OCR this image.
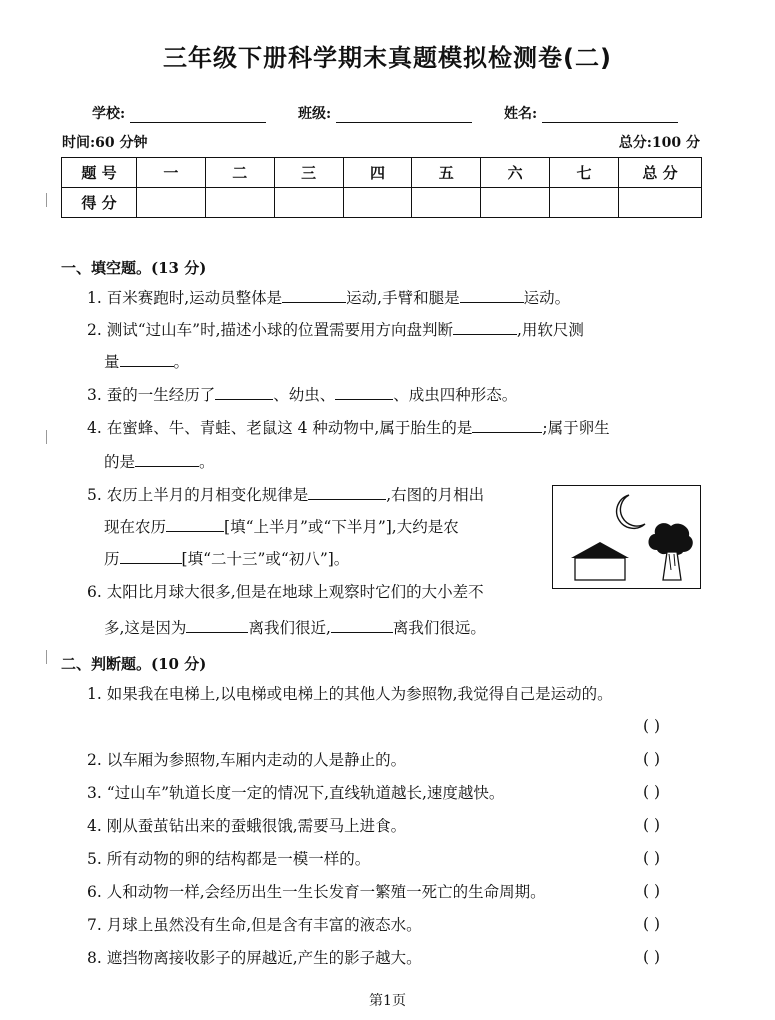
三年级下册科学期末真题模拟检测卷(二)
学校:	班级:	姓名:
时间:60 分钟	总分:100 分
题 号	一	二	三	四	五	六	七	总 分
得 分								
一、填空题。(13 分)
1. 百米赛跑时,运动员整体是	运动,手臂和腿是	运动。
2. 测试“过山车”时,描述小球的位置需要用方向盘判断	,用软尺测
量	。
3. 蚕的一生经历了	、幼虫、	、成虫四种形态。
4. 在蜜蜂、牛、青蛙、老鼠这 4 种动物中,属于胎生的是	;属于卵生
的是	。
5. 农历上半月的月相变化规律是	,右图的月相出
现在农历	[填“上半月”或“下半月”],大约是农
历	[填“二十三”或“初八”]。
6. 太阳比月球大很多,但是在地球上观察时它们的大小差不
多,这是因为	离我们很近,	离我们很远。
二、判断题。(10 分)
1. 如果我在电梯上,以电梯或电梯上的其他人为参照物,我觉得自己是运动的。
( )
2. 以车厢为参照物,车厢内走动的人是静止的。	( )
3. “过山车”轨道长度一定的情况下,直线轨道越长,速度越快。	( )
4. 刚从蚕茧钻出来的蚕蛾很饿,需要马上进食。	( )
5. 所有动物的卵的结构都是一模一样的。	( )
6. 人和动物一样,会经历出生一生长发育一繁殖一死亡的生命周期。	( )
7. 月球上虽然没有生命,但是含有丰富的液态水。	( )
8. 遮挡物离接收影子的屏越近,产生的影子越大。	( )
第1页
